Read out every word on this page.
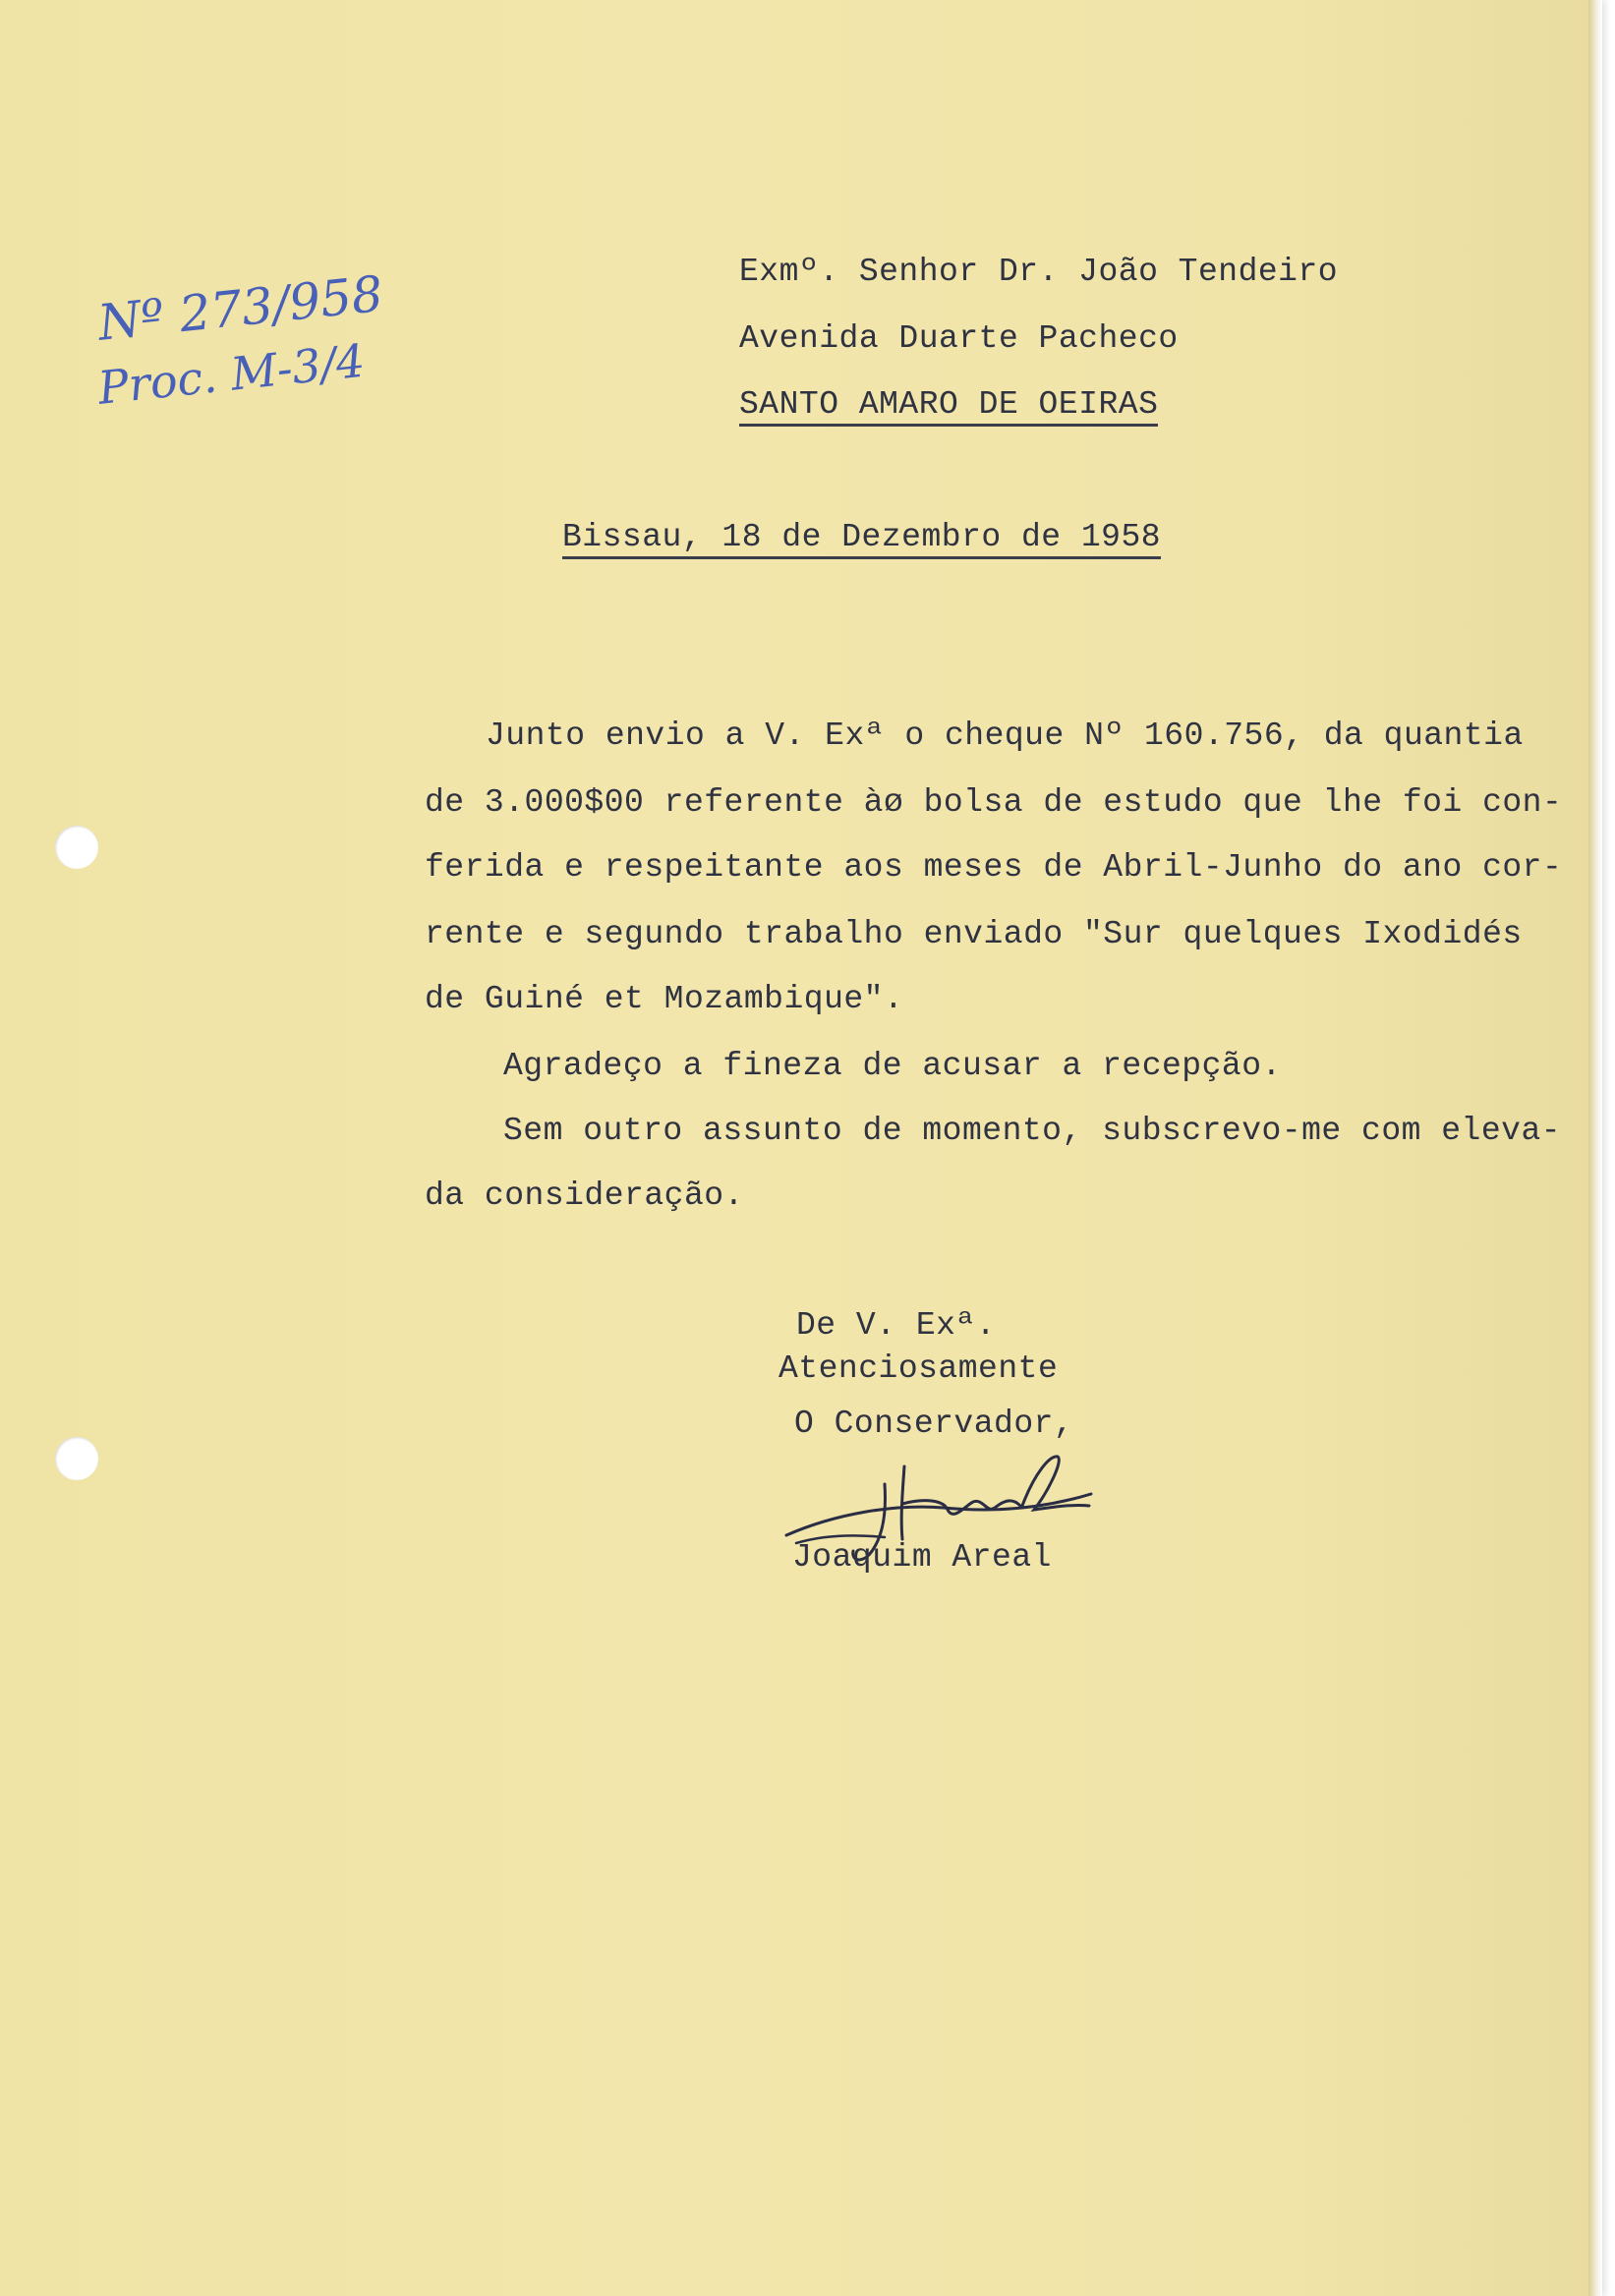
Nº 273/958
Proc. M-3/4
Exmº. Senhor Dr. João Tendeiro
Avenida Duarte Pacheco
SANTO AMARO DE OEIRAS
Bissau, 18 de Dezembro de 1958
Junto envio a V. Exª o cheque Nº 160.756, da quantia
de 3.000$00 referente àø bolsa de estudo que lhe foi con-
ferida e respeitante aos meses de Abril-Junho do ano cor-
rente e segundo trabalho enviado "Sur quelques Ixodidés
de Guiné et Mozambique".
Agradeço a fineza de acusar a recepção.
Sem outro assunto de momento, subscrevo-me com eleva-
da consideração.
De V. Exª.
Atenciosamente
O Conservador,
Joaquim Areal
